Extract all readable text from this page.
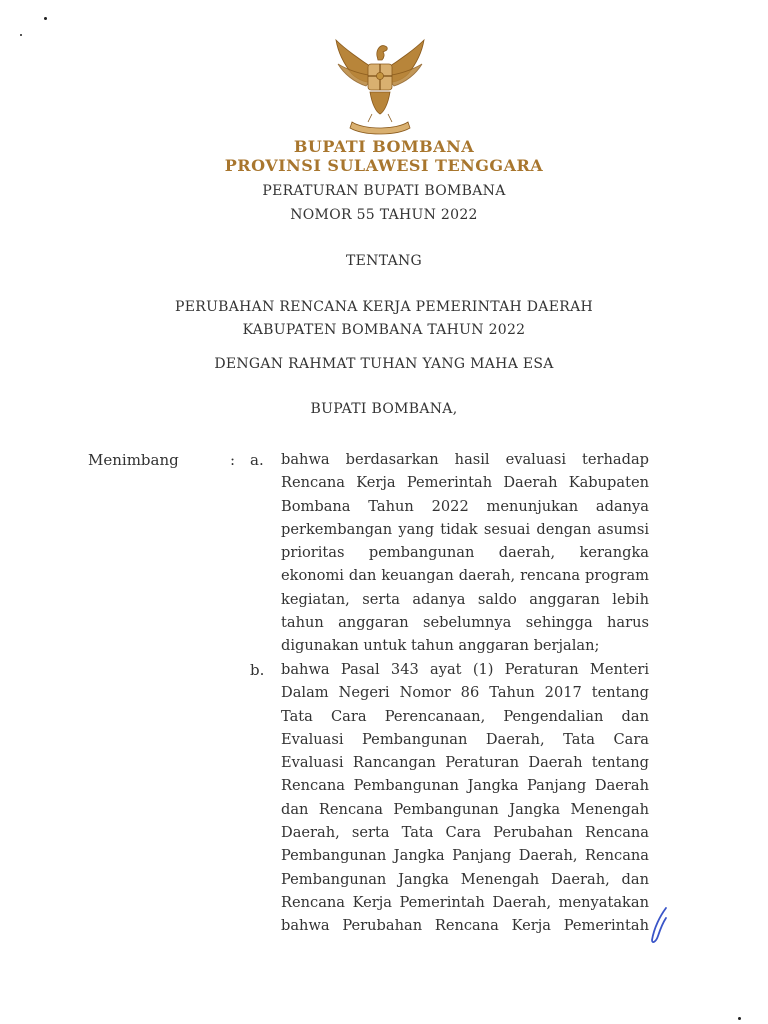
BUPATI BOMBANA
PROVINSI SULAWESI TENGGARA
PERATURAN BUPATI BOMBANA
NOMOR 55 TAHUN 2022
TENTANG
PERUBAHAN RENCANA KERJA PEMERINTAH DAERAH
KABUPATEN BOMBANA TAHUN 2022
DENGAN RAHMAT TUHAN YANG MAHA ESA
BUPATI BOMBANA,
Menimbang	: a. bahwa berdasarkan hasil evaluasi terhadap
Rencana Kerja Pemerintah Daerah Kabupaten
Bombana Tahun 2022 menunjukan adanya
perkembangan yang tidak sesuai dengan asumsi
prioritas pembangunan daerah, kerangka
ekonomi dan keuangan daerah, rencana program
kegiatan, serta adanya saldo anggaran lebih
tahun anggaran sebelumnya sehingga harus
digunakan untuk tahun anggaran berjalan;
b. bahwa Pasal 343 ayat (1) Peraturan Menteri
Dalam Negeri Nomor 86 Tahun 2017 tentang
Tata Cara Perencanaan, Pengendalian dan
Evaluasi Pembangunan Daerah, Tata Cara
Evaluasi Rancangan Peraturan Daerah tentang
Rencana Pembangunan Jangka Panjang Daerah
dan Rencana Pembangunan Jangka Menengah
Daerah, serta Tata Cara Perubahan Rencana
Pembangunan Jangka Panjang Daerah, Rencana
Pembangunan Jangka Menengah Daerah, dan
Rencana Kerja Pemerintah Daerah, menyatakan
bahwa Perubahan Rencana Kerja Pemerintah
